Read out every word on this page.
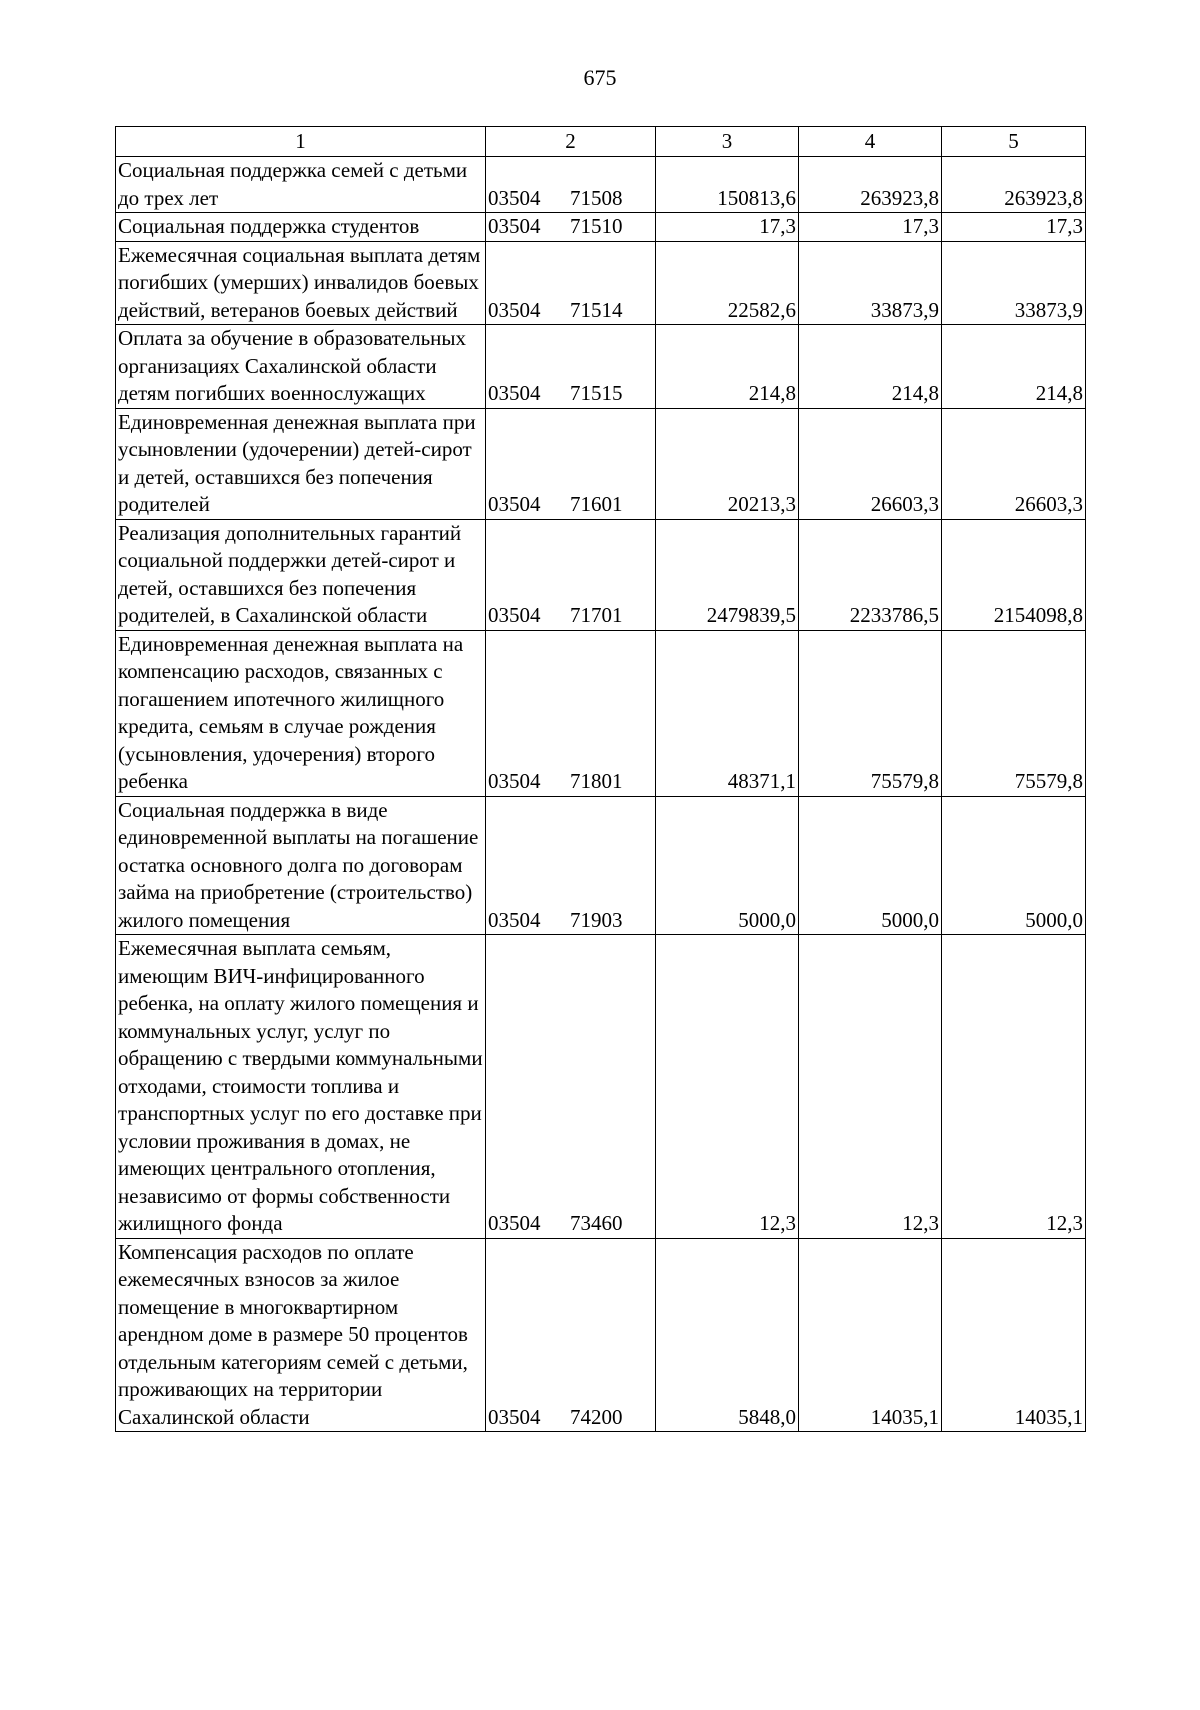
675
1	2	3	4	5
Социальная поддержка семей с детьми до трех лет	03504 71508	150813,6	263923,8	263923,8
Социальная поддержка студентов	03504 71510	17,3	17,3	17,3
Ежемесячная социальная выплата детям погибших (умерших) инвалидов боевых действий, ветеранов боевых действий	03504 71514	22582,6	33873,9	33873,9
Оплата за обучение в образовательных организациях Сахалинской области детям погибших военнослужащих	03504 71515	214,8	214,8	214,8
Единовременная денежная выплата при усыновлении (удочерении) детей-сирот и детей, оставшихся без попечения родителей	03504 71601	20213,3	26603,3	26603,3
Реализация дополнительных гарантий социальной поддержки детей-сирот и детей, оставшихся без попечения родителей, в Сахалинской области	03504 71701	2479839,5	2233786,5	2154098,8
Единовременная денежная выплата на компенсацию расходов, связанных с погашением ипотечного жилищного кредита, семьям в случае рождения (усыновления, удочерения) второго ребенка	03504 71801	48371,1	75579,8	75579,8
Социальная поддержка в виде единовременной выплаты на погашение остатка основного долга по договорам займа на приобретение (строительство) жилого помещения	03504 71903	5000,0	5000,0	5000,0
Ежемесячная выплата семьям, имеющим ВИЧ-инфицированного ребенка, на оплату жилого помещения и коммунальных услуг, услуг по обращению с твердыми коммунальными отходами, стоимости топлива и транспортных услуг по его доставке при условии проживания в домах, не имеющих центрального отопления, независимо от формы собственности жилищного фонда	03504 73460	12,3	12,3	12,3
Компенсация расходов по оплате ежемесячных взносов за жилое помещение в многоквартирном арендном доме в размере 50 процентов отдельным категориям семей с детьми, проживающих на территории Сахалинской области	03504 74200	5848,0	14035,1	14035,1
